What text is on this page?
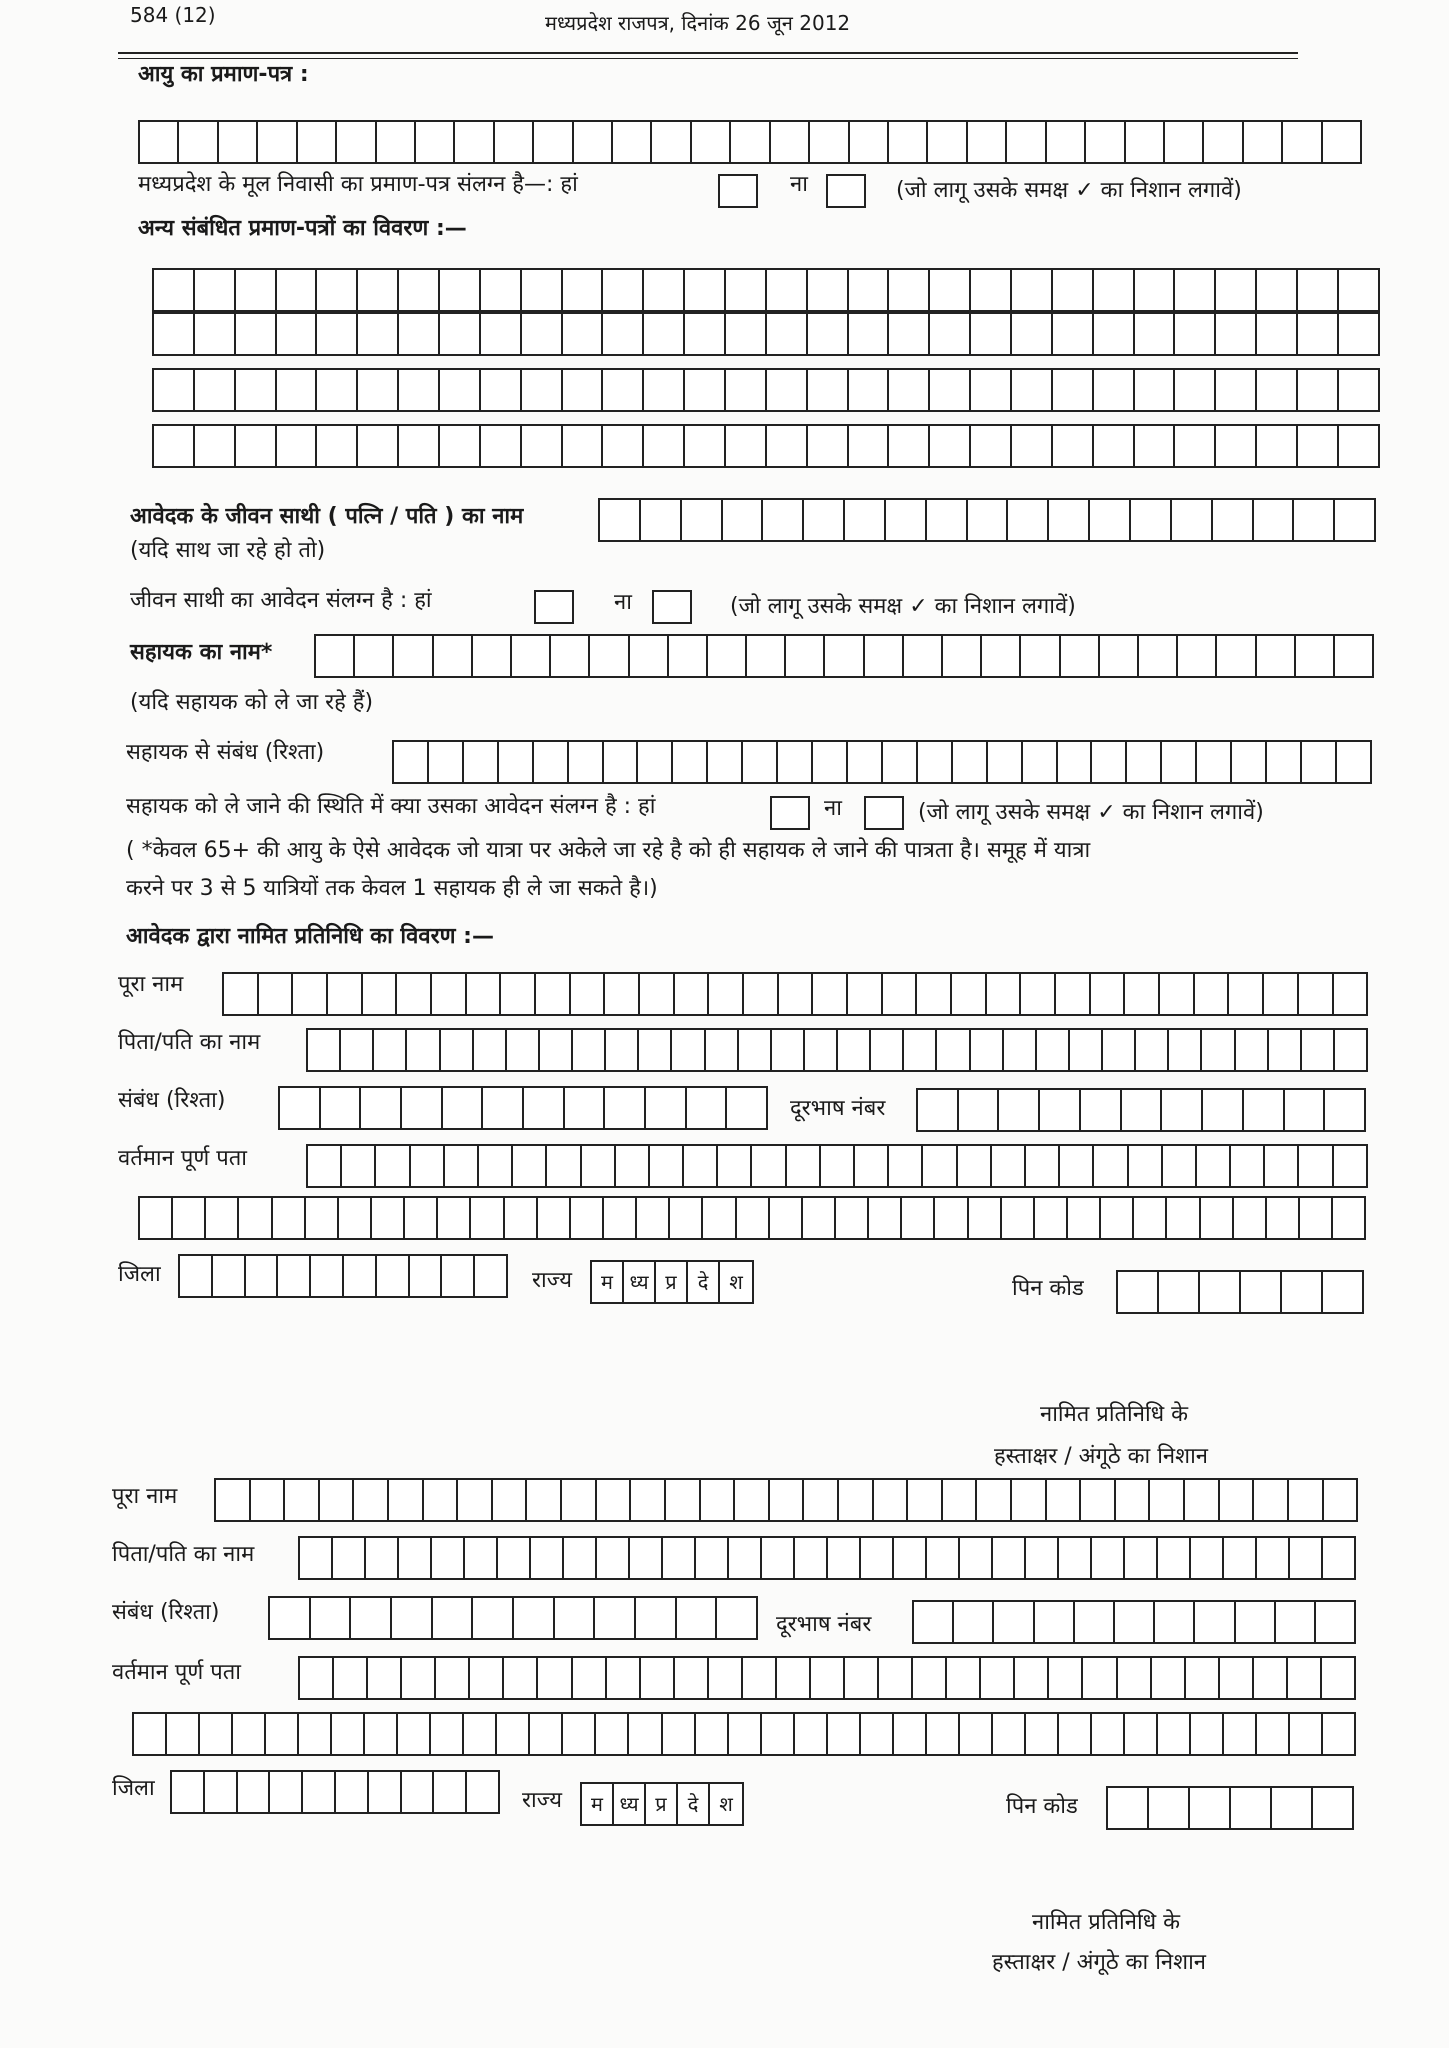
584 (12)	मध्यप्रदेश राजपत्र, दिनांक 26 जून 2012
आयु का प्रमाण-पत्र :
मध्यप्रदेश के मूल निवासी का प्रमाण-पत्र संलग्न है—: हां	ना	(जो लागू उसके समक्ष ✓ का निशान लगावें)
अन्य संबंधित प्रमाण-पत्रों का विवरण :—
आवेदक के जीवन साथी ( पत्नि / पति ) का नाम
(यदि साथ जा रहे हो तो)
जीवन साथी का आवेदन संलग्न है : हां	ना	(जो लागू उसके समक्ष ✓ का निशान लगावें)
सहायक का नाम*
(यदि सहायक को ले जा रहे हैं)
सहायक से संबंध (रिश्ता)
सहायक को ले जाने की स्थिति में क्या उसका आवेदन संलग्न है : हां	ना	(जो लागू उसके समक्ष ✓ का निशान लगावें)
( *केवल 65+ की आयु के ऐसे आवेदक जो यात्रा पर अकेले जा रहे है को ही सहायक ले जाने की पात्रता है। समूह में यात्रा
करने पर 3 से 5 यात्रियों तक केवल 1 सहायक ही ले जा सकते है।)
आवेदक द्वारा नामित प्रतिनिधि का विवरण :—
पूरा नाम
पिता/पति का नाम
संबंध (रिश्ता)	दूरभाष नंबर
वर्तमान पूर्ण पता
जिला	राज्य	म ध्य प्र	दे	श	पिन कोड
नामित प्रतिनिधि के
हस्ताक्षर / अंगूठे का निशान
पूरा नाम
पिता/पति का नाम
संबंध (रिश्ता)	दूरभाष नंबर
वर्तमान पूर्ण पता
जिला	राज्य	म ध्य प्र	दे	श	पिन कोड
नामित प्रतिनिधि के
हस्ताक्षर / अंगूठे का निशान
